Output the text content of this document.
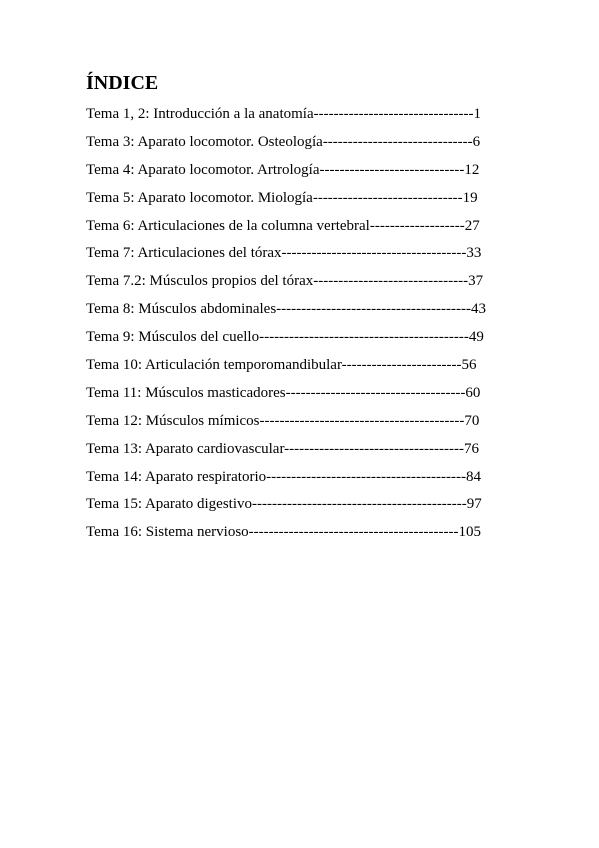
ÍNDICE
Tema 1, 2: Introducción a la anatomía--------------------------------1
Tema 3: Aparato locomotor. Osteología------------------------------6
Tema 4: Aparato locomotor. Artrología-----------------------------12
Tema 5: Aparato locomotor. Miología------------------------------19
Tema 6: Articulaciones de la columna vertebral-------------------27
Tema 7: Articulaciones del tórax-------------------------------------33
Tema 7.2: Músculos propios del tórax-------------------------------37
Tema 8: Músculos abdominales---------------------------------------43
Tema 9: Músculos del cuello------------------------------------------49
Tema 10: Articulación temporomandibular------------------------56
Tema 11: Músculos masticadores------------------------------------60
Tema 12: Músculos mímicos-----------------------------------------70
Tema 13: Aparato cardiovascular------------------------------------76
Tema 14: Aparato respiratorio----------------------------------------84
Tema 15: Aparato digestivo-------------------------------------------97
Tema 16: Sistema nervioso------------------------------------------105
